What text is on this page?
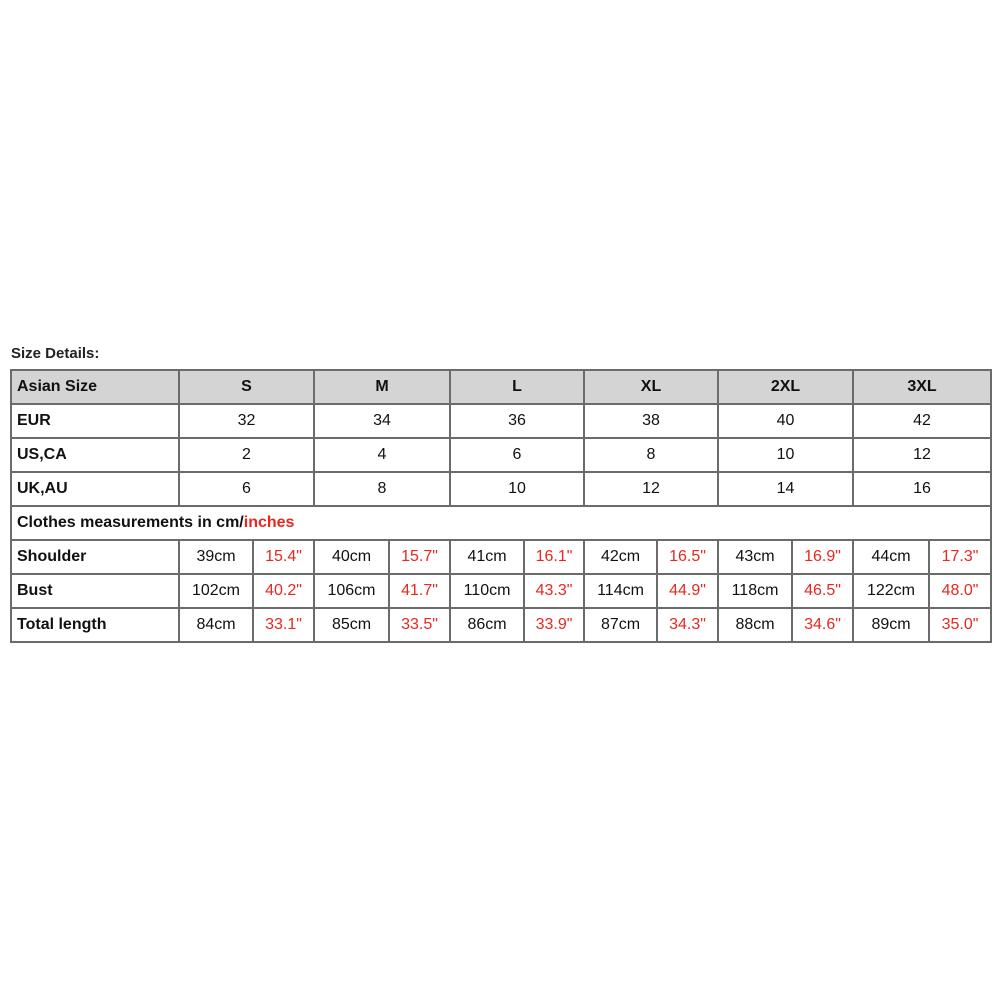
Size Details:
Asian Size	S		M		L		XL		2XL		3XL	
EUR	32		34		36		38		40		42	
US,CA	2		4		6		8		10		12	
UK,AU	6		8		10		12		14		16	
Clothes measurements in cm/inches												
Shoulder	39cm	15.4"	40cm	15.7"	41cm	16.1"	42cm	16.5"	43cm	16.9"	44cm	17.3"
Bust	102cm	40.2"	106cm	41.7"	110cm	43.3"	114cm	44.9"	118cm	46.5"	122cm	48.0"
Total length	84cm	33.1"	85cm	33.5"	86cm	33.9"	87cm	34.3"	88cm	34.6"	89cm	35.0"
